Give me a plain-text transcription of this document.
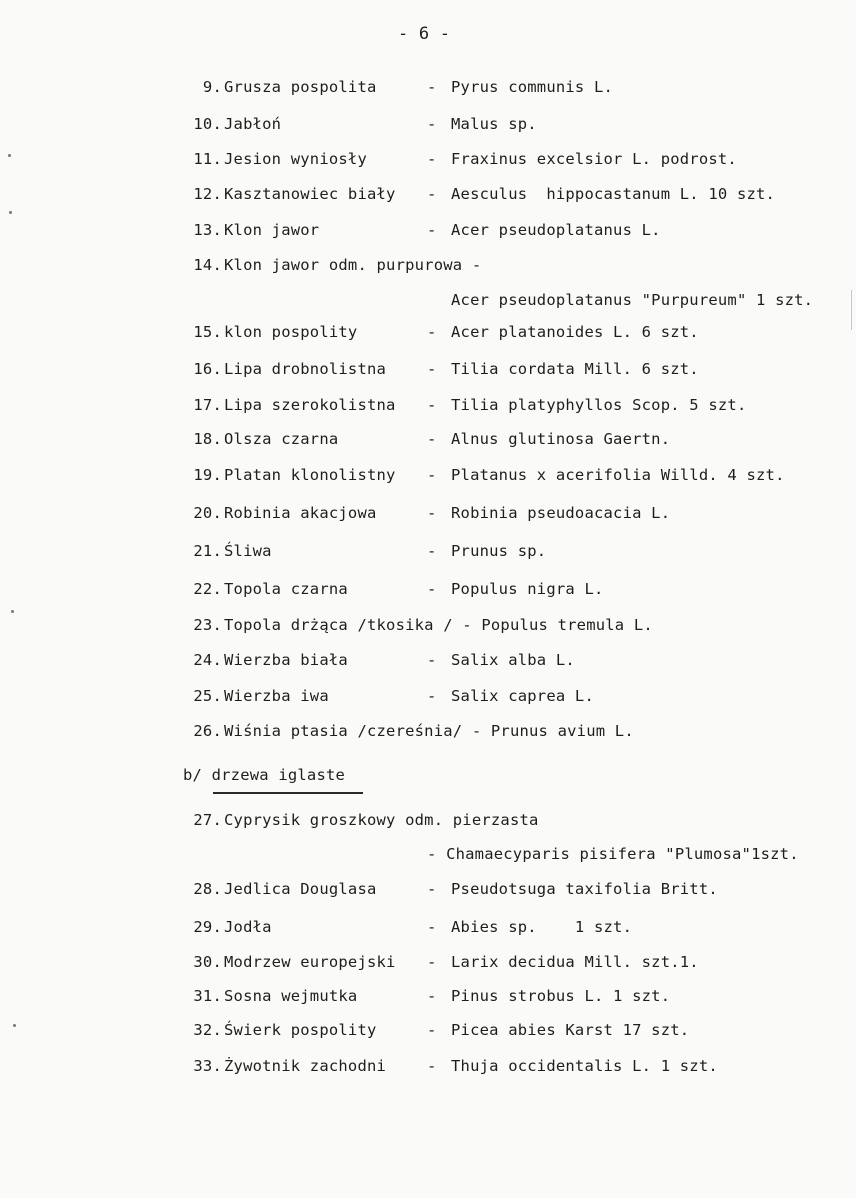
- 6 -
9. Grusza pospolita	- Pyrus communis L.
10. Jabłoń	- Malus sp.
11. Jesion wyniosły	- Fraxinus excelsior L. podrost.
12. Kasztanowiec biały - Aesculus  hippocastanum L. 10 szt.
13. Klon jawor	- Acer pseudoplatanus L.
14. Klon jawor odm. purpurowa -
Acer pseudoplatanus "Purpureum" 1 szt.
15. klon pospolity	- Acer platanoides L. 6 szt.
16. Lipa drobnolistna	- Tilia cordata Mill. 6 szt.
17. Lipa szerokolistna - Tilia platyphyllos Scop. 5 szt.
18. Olsza czarna	- Alnus glutinosa Gaertn.
19. Platan klonolistny - Platanus x acerifolia Willd. 4 szt.
20. Robinia akacjowa	- Robinia pseudoacacia L.
21. Śliwa	- Prunus sp.
22. Topola czarna	- Populus nigra L.
23. Topola drżąca /tkosika / - Populus tremula L.
24. Wierzba biała	- Salix alba L.
25. Wierzba iwa	- Salix caprea L.
26. Wiśnia ptasia /czereśnia/ - Prunus avium L.
b/ drzewa iglaste
27. Cyprysik groszkowy odm. pierzasta
- Chamaecyparis pisifera "Plumosa"1szt.
28. Jedlica Douglasa	- Pseudotsuga taxifolia Britt.
29. Jodła	- Abies sp.    1 szt.
30. Modrzew europejski - Larix decidua Mill. szt.1.
31. Sosna wejmutka	- Pinus strobus L. 1 szt.
32. Świerk pospolity	- Picea abies Karst 17 szt.
33. Żywotnik zachodni	- Thuja occidentalis L. 1 szt.
